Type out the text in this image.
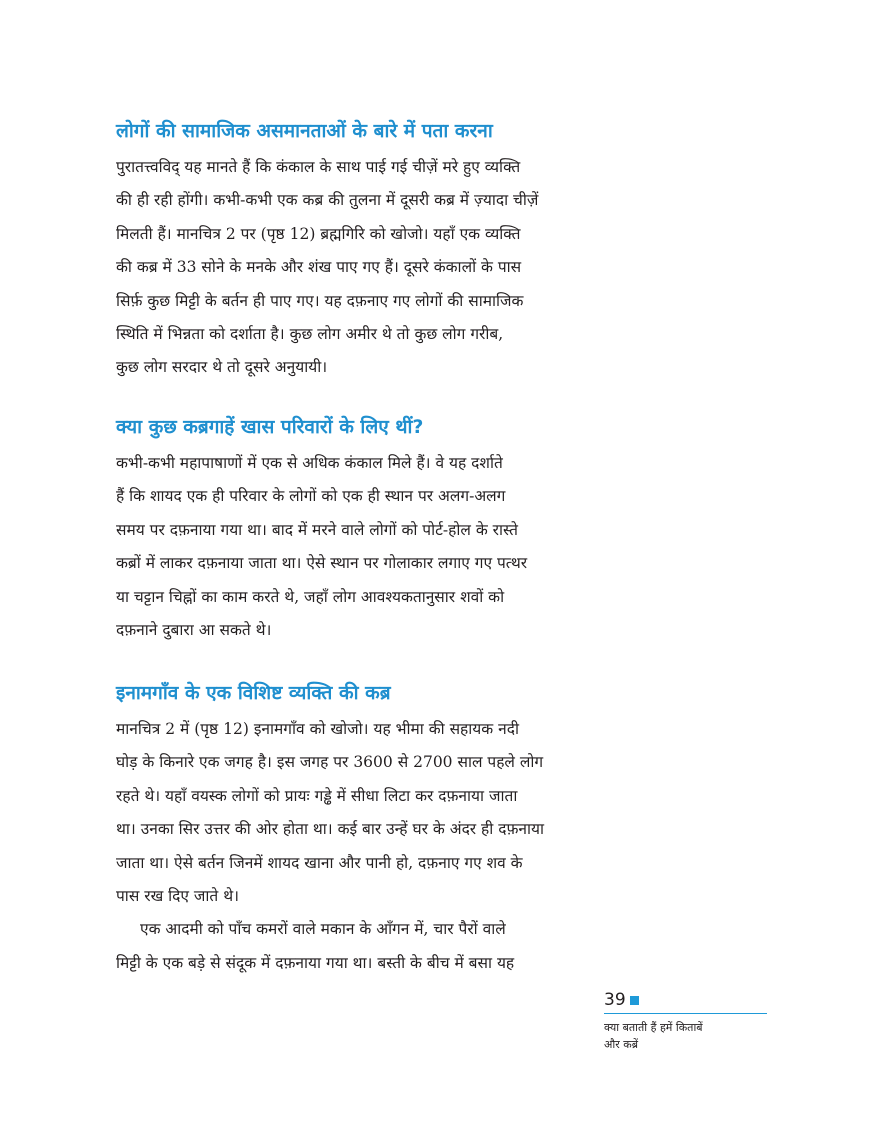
लोगों की सामाजिक असमानताओं के बारे में पता करना

पुरातत्त्वविद् यह मानते हैं कि कंकाल के साथ पाई गई चीज़ें मरे हुए व्यक्ति
की ही रही होंगी। कभी-कभी एक कब्र की तुलना में दूसरी कब्र में ज़्यादा चीज़ें
मिलती हैं। मानचित्र 2 पर (पृष्ठ 12) ब्रह्मगिरि को खोजो। यहाँ एक व्यक्ति
की कब्र में 33 सोने के मनके और शंख पाए गए हैं। दूसरे कंकालों के पास
सिर्फ़ कुछ मिट्टी के बर्तन ही पाए गए। यह दफ़नाए गए लोगों की सामाजिक
स्थिति में भिन्नता को दर्शाता है। कुछ लोग अमीर थे तो कुछ लोग गरीब,
कुछ लोग सरदार थे तो दूसरे अनुयायी।

क्या कुछ कब्रगाहें खास परिवारों के लिए थीं?

कभी-कभी महापाषाणों में एक से अधिक कंकाल मिले हैं। वे यह दर्शाते
हैं कि शायद एक ही परिवार के लोगों को एक ही स्थान पर अलग-अलग
समय पर दफ़नाया गया था। बाद में मरने वाले लोगों को पोर्ट-होल के रास्ते
कब्रों में लाकर दफ़नाया जाता था। ऐसे स्थान पर गोलाकार लगाए गए पत्थर
या चट्टान चिह्नों का काम करते थे, जहाँ लोग आवश्यकतानुसार शवों को
दफ़नाने दुबारा आ सकते थे।

इनामगाँव के एक विशिष्ट व्यक्ति की कब्र

मानचित्र 2 में (पृष्ठ 12) इनामगाँव को खोजो। यह भीमा की सहायक नदी
घोड़ के किनारे एक जगह है। इस जगह पर 3600 से 2700 साल पहले लोग
रहते थे। यहाँ वयस्क लोगों को प्रायः गड्ढे में सीधा लिटा कर दफ़नाया जाता
था। उनका सिर उत्तर की ओर होता था। कई बार उन्हें घर के अंदर ही दफ़नाया
जाता था। ऐसे बर्तन जिनमें शायद खाना और पानी हो, दफ़नाए गए शव के
पास रख दिए जाते थे।

एक आदमी को पाँच कमरों वाले मकान के आँगन में, चार पैरों वाले
मिट्टी के एक बड़े से संदूक में दफ़नाया गया था। बस्ती के बीच में बसा यह

39
क्या बताती हैं हमें किताबें
और कब्रें
